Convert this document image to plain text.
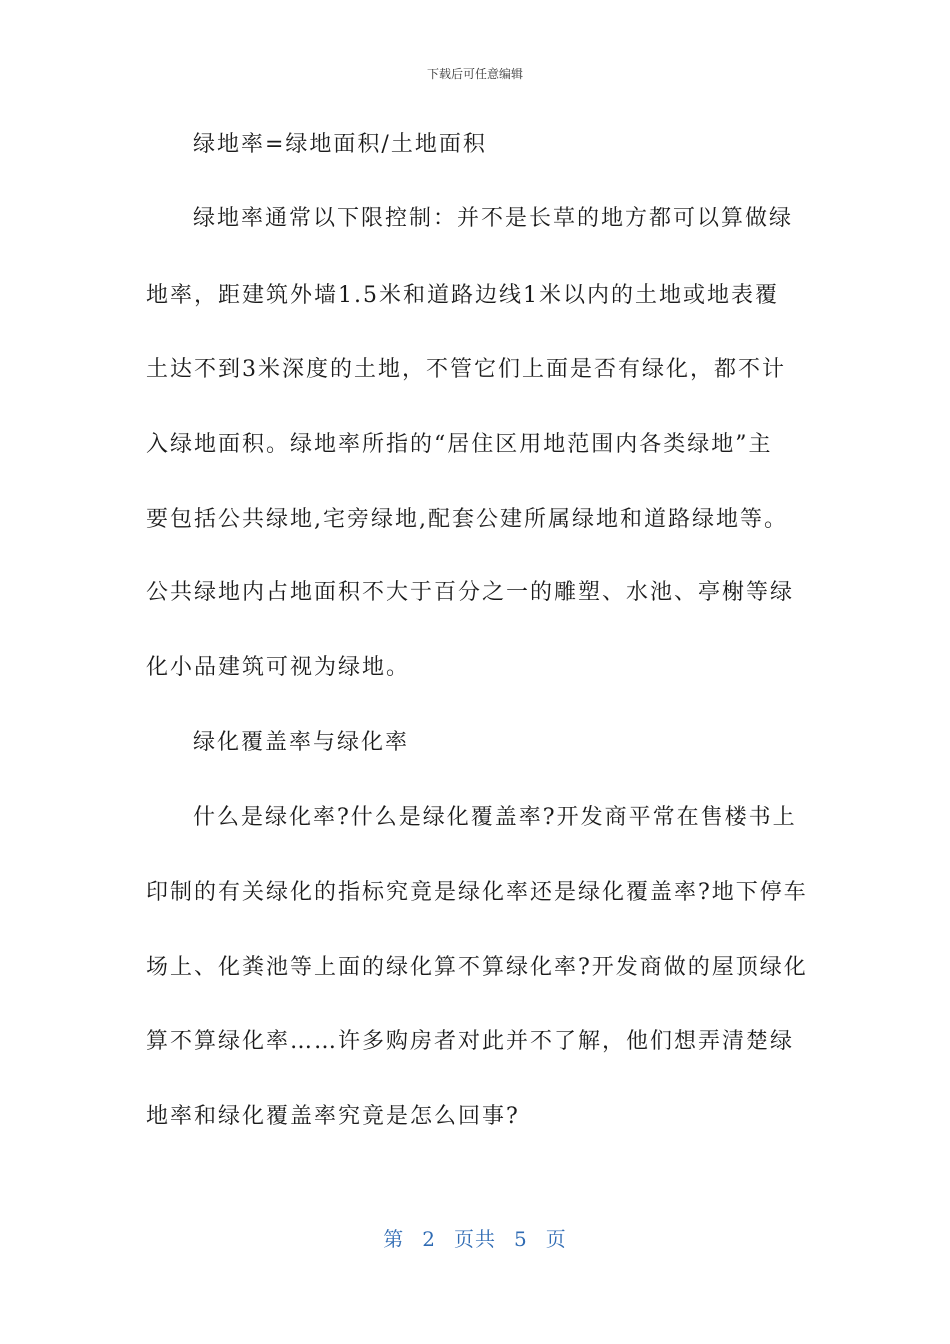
下载后可任意编辑
绿地率=绿地面积/土地面积
绿地率通常以下限控制：并不是长草的地方都可以算做绿
地率，距建筑外墙1.5米和道路边线1米以内的土地或地表覆
土达不到3米深度的土地，不管它们上面是否有绿化，都不计
入绿地面积。绿地率所指的“居住区用地范围内各类绿地”主
要包括公共绿地,宅旁绿地,配套公建所属绿地和道路绿地等。
公共绿地内占地面积不大于百分之一的雕塑、水池、亭榭等绿
化小品建筑可视为绿地。
绿化覆盖率与绿化率
什么是绿化率?什么是绿化覆盖率?开发商平常在售楼书上
印制的有关绿化的指标究竟是绿化率还是绿化覆盖率?地下停车
场上、化粪池等上面的绿化算不算绿化率?开发商做的屋顶绿化
算不算绿化率……许多购房者对此并不了解，他们想弄清楚绿
地率和绿化覆盖率究竟是怎么回事?
第 2 页共 5 页
